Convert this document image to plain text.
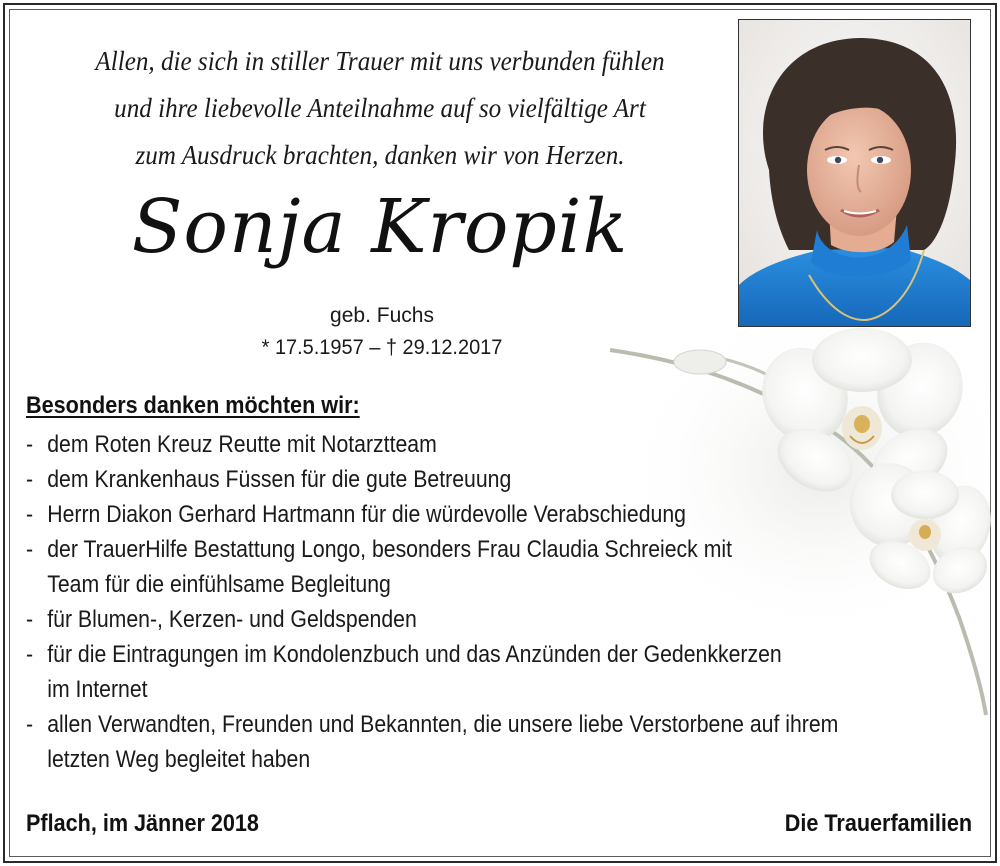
Allen, die sich in stiller Trauer mit uns verbunden fühlen
und ihre liebevolle Anteilnahme auf so vielfältige Art
zum Ausdruck brachten, danken wir von Herzen.
Sonja Kropik
geb. Fuchs
* 17.5.1957 – † 29.12.2017
Besonders danken möchten wir:
- dem Roten Kreuz Reutte mit Notarztteam
- dem Krankenhaus Füssen für die gute Betreuung
- Herrn Diakon Gerhard Hartmann für die würdevolle Verabschiedung
- der TrauerHilfe Bestattung Longo, besonders Frau Claudia Schreieck mit
Team für die einfühlsame Begleitung
- für Blumen-, Kerzen- und Geldspenden
- für die Eintragungen im Kondolenzbuch und das Anzünden der Gedenkkerzen
im Internet
- allen Verwandten, Freunden und Bekannten, die unsere liebe Verstorbene auf ihrem
letzten Weg begleitet haben
Pflach, im Jänner 2018	Die Trauerfamilien
